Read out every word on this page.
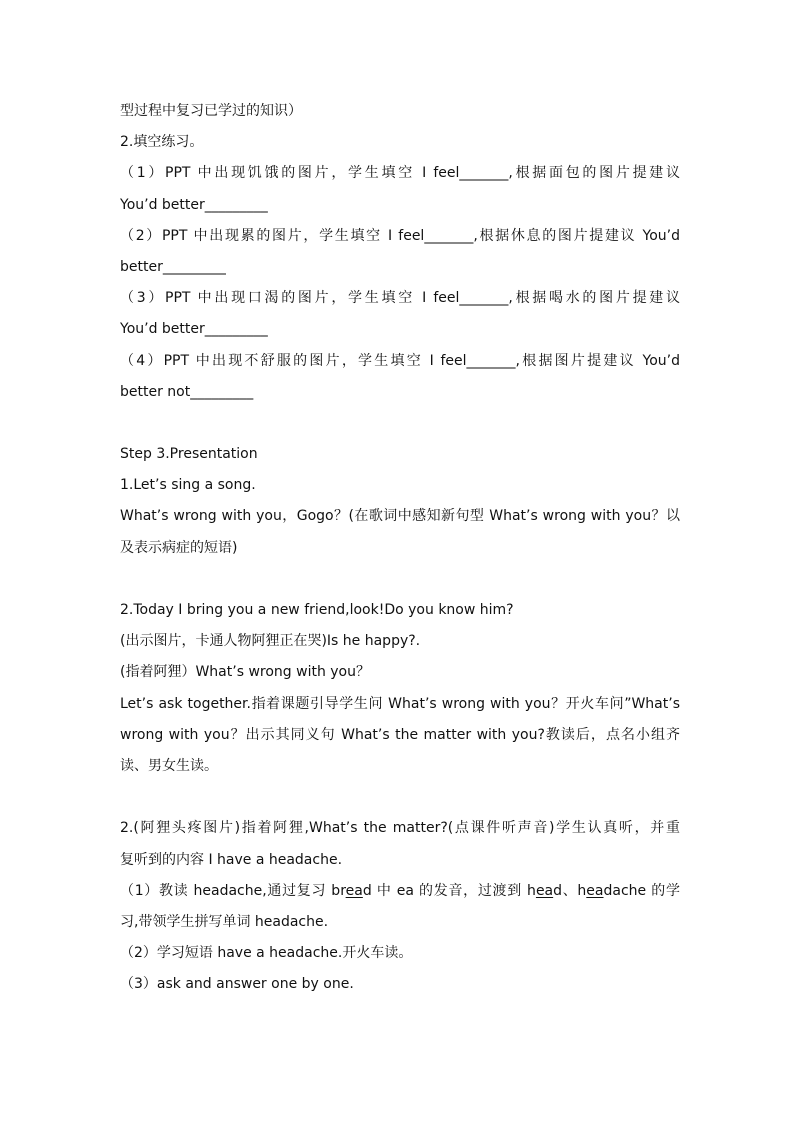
型过程中复习已学过的知识）
2.填空练习。
（1）PPT 中出现饥饿的图片，学生填空 I feel_______,根据面包的图片提建议
You’d better_________
（2）PPT 中出现累的图片，学生填空 I feel_______,根据休息的图片提建议 You’d
better_________
（3）PPT 中出现口渴的图片，学生填空 I feel_______,根据喝水的图片提建议
You’d better_________
（4）PPT 中出现不舒服的图片，学生填空 I feel_______,根据图片提建议 You’d
better not_________
Step 3.Presentation
1.Let’s sing a song.
What’s wrong with you，Gogo？(在歌词中感知新句型 What’s wrong with you？以
及表示病症的短语)
2.Today I bring you a new friend,look!Do you know him?
(出示图片，卡通人物阿狸正在哭)Is he happy?.
(指着阿狸）What’s wrong with you？
Let’s ask together.指着课题引导学生问 What’s wrong with you？开火车问”What’s
wrong with you？出示其同义句 What’s the matter with you?教读后，点名小组齐
读、男女生读。
2.(阿狸头疼图片)指着阿狸,What’s the matter?(点课件听声音)学生认真听，并重
复听到的内容 I have a headache.
（1）教读 headache,通过复习 bread 中 ea 的发音，过渡到 head、headache 的学
习,带领学生拼写单词 headache.
（2）学习短语 have a headache.开火车读。
（3）ask and answer one by one.
